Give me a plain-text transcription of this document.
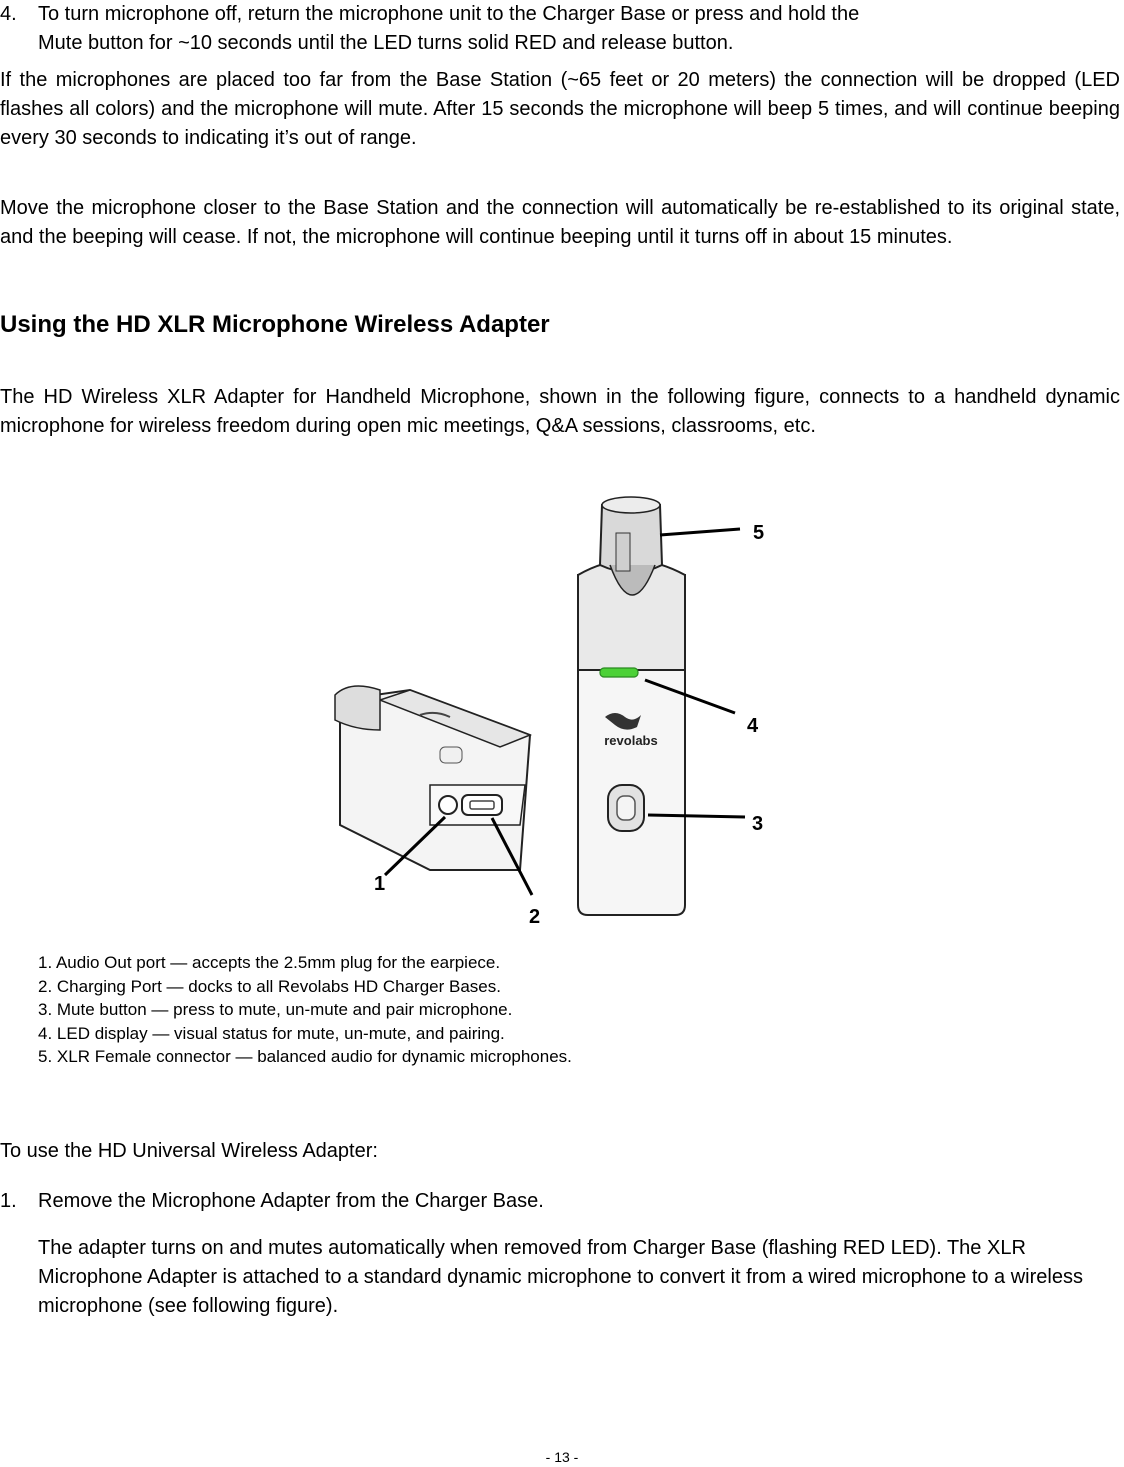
4. To turn microphone off, return the microphone unit to the Charger Base or press and hold the
Mute button for ~10 seconds until the LED turns solid RED and release button.

If the microphones are placed too far from the Base Station (~65 feet or 20 meters) the connection will be dropped (LED flashes all colors) and the microphone will mute. After 15 seconds the microphone will beep 5 times, and will continue beeping every 30 seconds to indicating it’s out of range.

Move the microphone closer to the Base Station and the connection will automatically be re-established to its original state, and the beeping will cease. If not, the microphone will continue beeping until it turns off in about 15 minutes.

Using the HD XLR Microphone Wireless Adapter

The HD Wireless XLR Adapter for Handheld Microphone, shown in the following figure, connects to a handheld dynamic microphone for wireless freedom during open mic meetings, Q&A sessions, classrooms, etc.

revolabs
5
4
3
1
2
1. Audio Out port — accepts the 2.5mm plug for the earpiece.
2. Charging Port — docks to all Revolabs HD Charger Bases.
3. Mute button — press to mute, un-mute and pair microphone.
4. LED display — visual status for mute, un-mute, and pairing.
5. XLR Female connector — balanced audio for dynamic microphones.

To use the HD Universal Wireless Adapter:

1. Remove the Microphone Adapter from the Charger Base.

The adapter turns on and mutes automatically when removed from Charger Base (flashing RED LED). The XLR Microphone Adapter is attached to a standard dynamic microphone to convert it from a wired microphone to a wireless microphone (see following figure).

- 13 -
